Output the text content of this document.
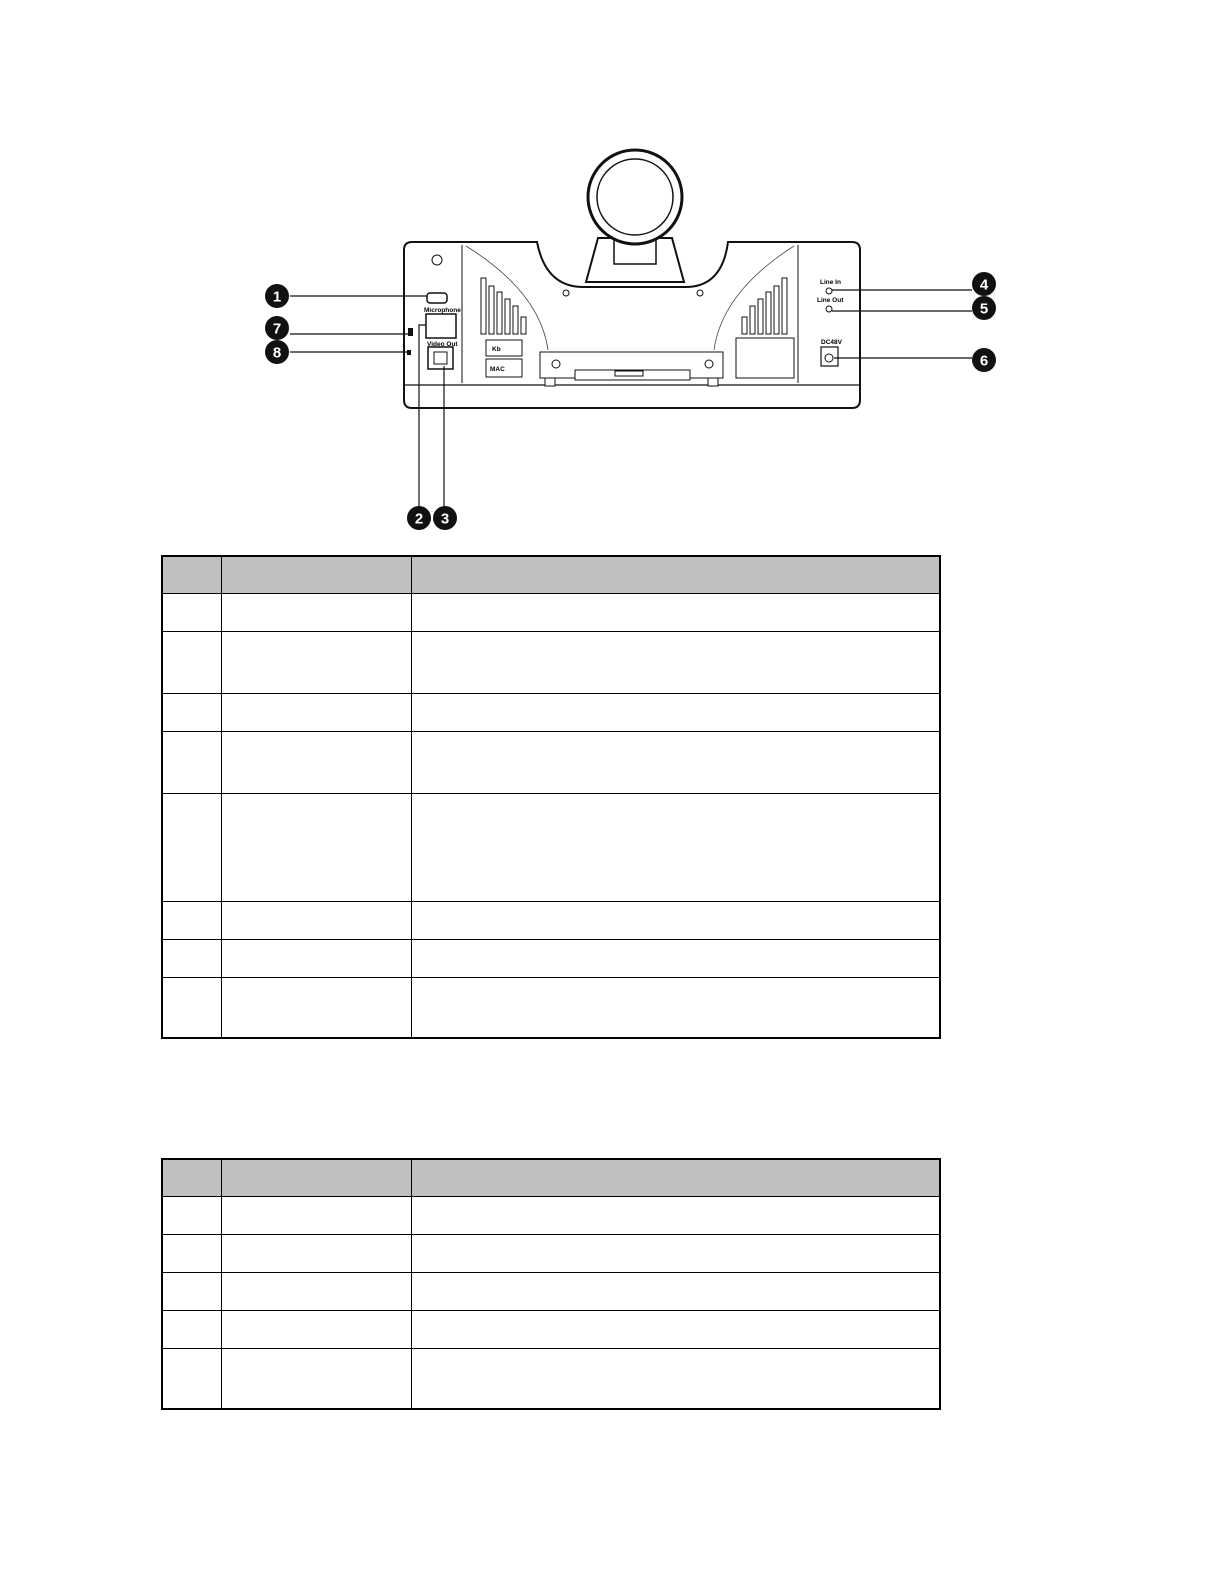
Microphone
Video Out
Line In
Line Out
DC48V
Kb
MAC
1
7
8
2 3
4
5
6
